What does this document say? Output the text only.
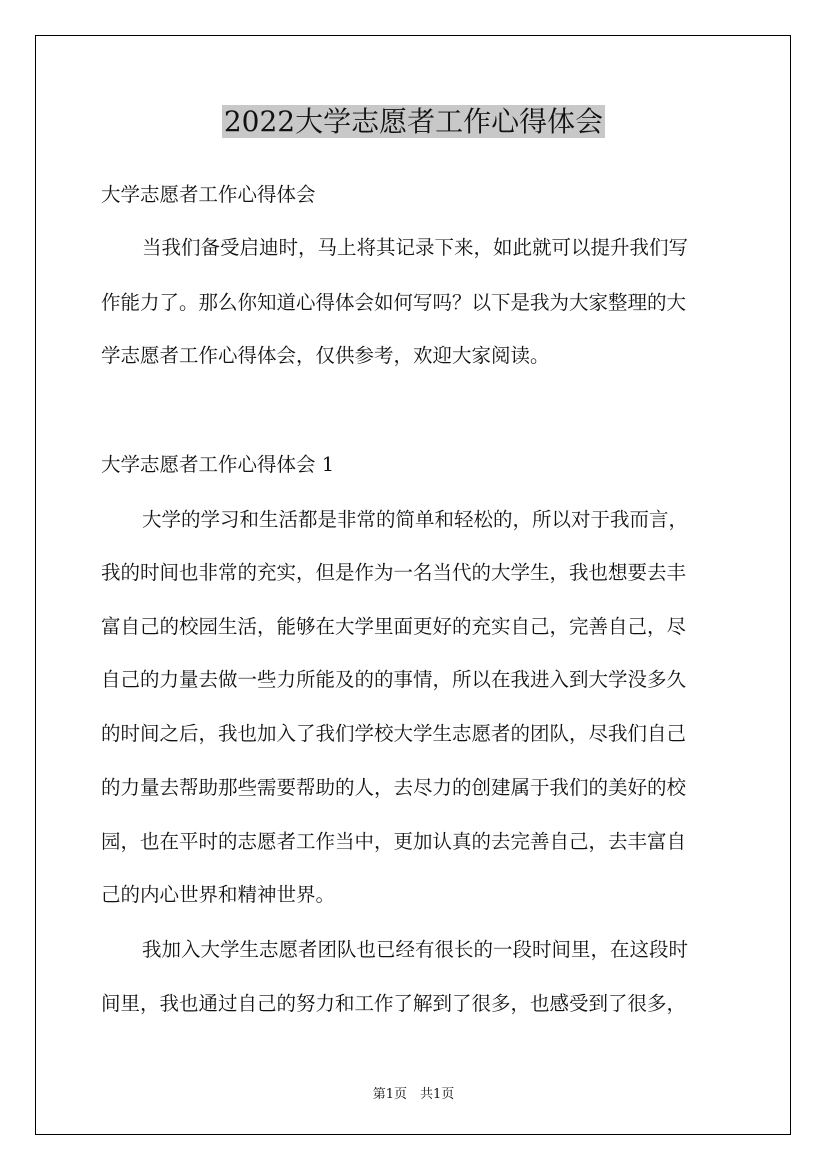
2022大学志愿者工作心得体会
大学志愿者工作心得体会
当我们备受启迪时，马上将其记录下来，如此就可以提升我们写
作能力了。那么你知道心得体会如何写吗？以下是我为大家整理的大
学志愿者工作心得体会，仅供参考，欢迎大家阅读。
大学志愿者工作心得体会 1
大学的学习和生活都是非常的简单和轻松的，所以对于我而言，
我的时间也非常的充实，但是作为一名当代的大学生，我也想要去丰
富自己的校园生活，能够在大学里面更好的充实自己，完善自己，尽
自己的力量去做一些力所能及的的事情，所以在我进入到大学没多久
的时间之后，我也加入了我们学校大学生志愿者的团队，尽我们自己
的力量去帮助那些需要帮助的人，去尽力的创建属于我们的美好的校
园，也在平时的志愿者工作当中，更加认真的去完善自己，去丰富自
己的内心世界和精神世界。
我加入大学生志愿者团队也已经有很长的一段时间里，在这段时
间里，我也通过自己的努力和工作了解到了很多，也感受到了很多，
第1页　共1页
